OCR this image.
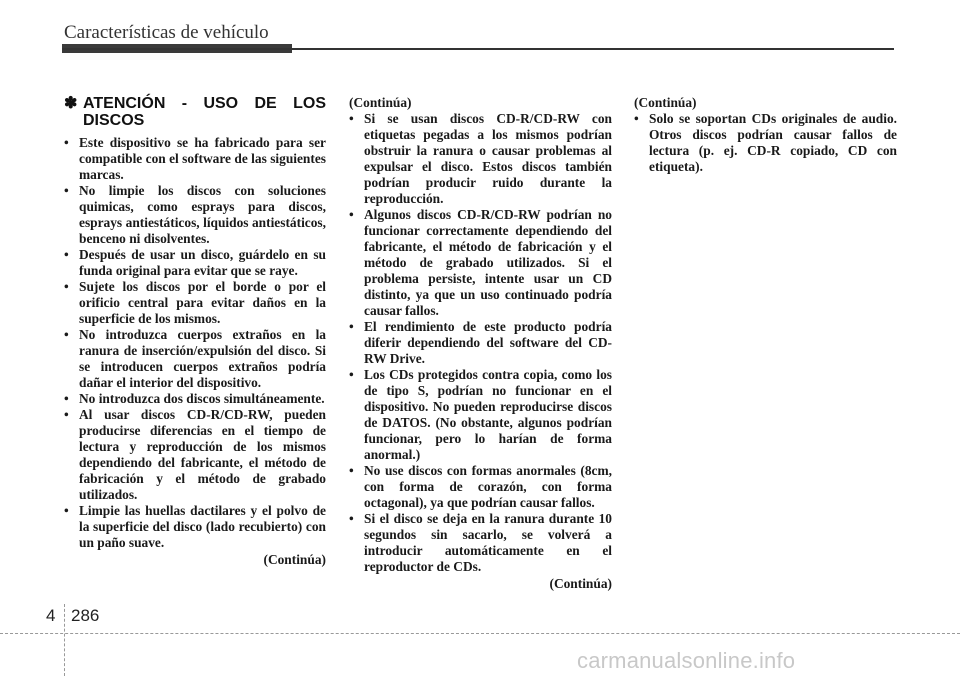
Características de vehículo
✽ ATENCIÓN - USO DE LOS DISCOS
• Este dispositivo se ha fabricado para ser compatible con el software de las siguientes marcas.
• No limpie los discos con soluciones quimicas, como esprays para discos, esprays antiestáticos, líquidos antiestáticos, benceno ni disolventes.
• Después de usar un disco, guárdelo en su funda original para evitar que se raye.
• Sujete los discos por el borde o por el orificio central para evitar daños en la superficie de los mismos.
• No introduzca cuerpos extraños en la ranura de inserción/expulsión del disco. Si se introducen cuerpos extraños podría dañar el interior del dispositivo.
• No introduzca dos discos simultáneamente.
• Al usar discos CD-R/CD-RW, pueden producirse diferencias en el tiempo de lectura y reproducción de los mismos dependiendo del fabricante, el método de fabricación y el método de grabado utilizados.
• Limpie las huellas dactilares y el polvo de la superficie del disco (lado recubierto) con un paño suave.
(Continúa)
(Continúa)
• Si se usan discos CD-R/CD-RW con etiquetas pegadas a los mismos podrían obstruir la ranura o causar problemas al expulsar el disco. Estos discos también podrían producir ruido durante la reproducción.
• Algunos discos CD-R/CD-RW podrían no funcionar correctamente dependiendo del fabricante, el método de fabricación y el método de grabado utilizados. Si el problema persiste, intente usar un CD distinto, ya que un uso continuado podría causar fallos.
• El rendimiento de este producto podría diferir dependiendo del software del CD-RW Drive.
• Los CDs protegidos contra copia, como los de tipo S, podrían no funcionar en el dispositivo. No pueden reproducirse discos de DATOS. (No obstante, algunos podrían funcionar, pero lo harían de forma anormal.)
• No use discos con formas anormales (8cm, con forma de corazón, con forma octagonal), ya que podrían causar fallos.
• Si el disco se deja en la ranura durante 10 segundos sin sacarlo, se volverá a introducir automáticamente en el reproductor de CDs.
(Continúa)
(Continúa)
• Solo se soportan CDs originales de audio. Otros discos podrían causar fallos de lectura (p. ej. CD-R copiado, CD con etiqueta).
4 286
carmanualsonline.info
